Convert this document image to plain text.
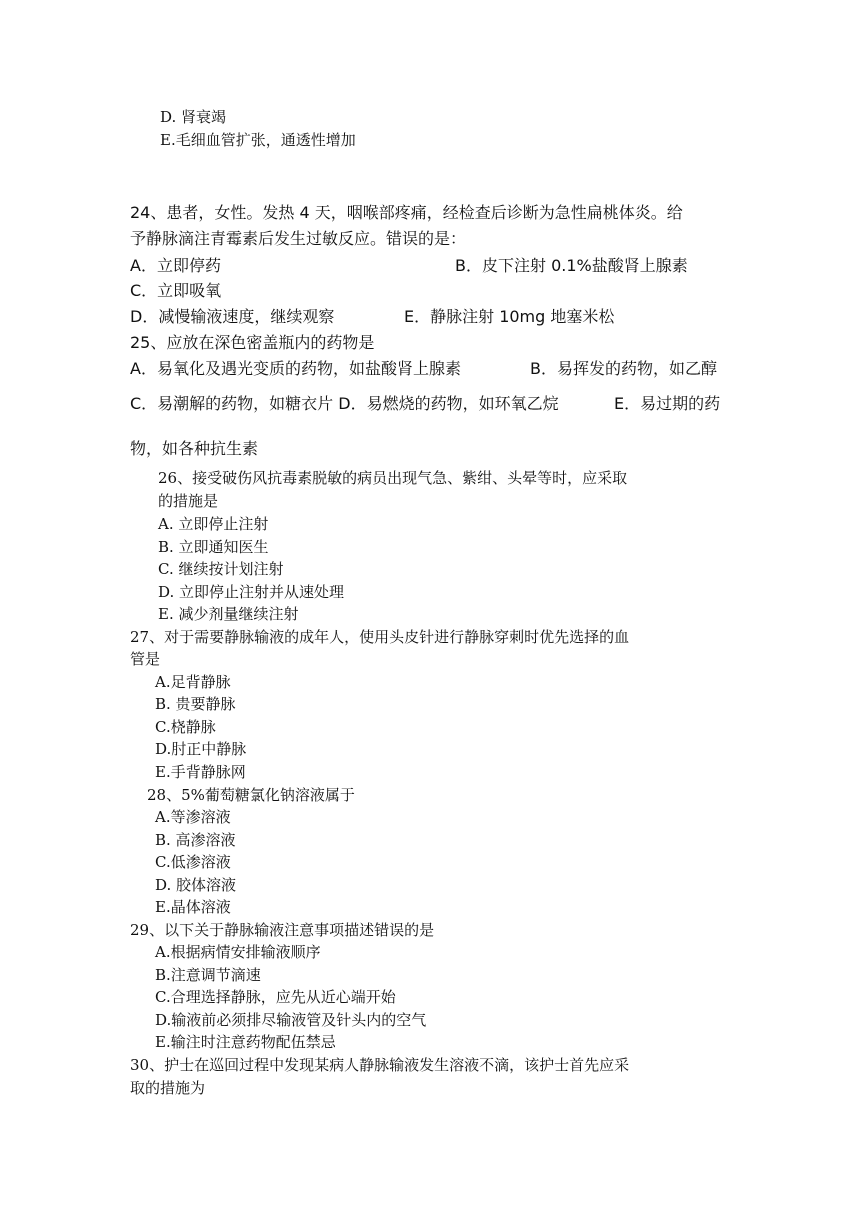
D. 肾衰竭
E.毛细血管扩张，通透性增加
24、患者，女性。发热 4 天，咽喉部疼痛，经检查后诊断为急性扁桃体炎。给
予静脉滴注青霉素后发生过敏反应。错误的是：
A．立即停药	B．皮下注射 0.1%盐酸肾上腺素
C．立即吸氧
D．减慢输液速度，继续观察	E．静脉注射 10mg 地塞米松
25、应放在深色密盖瓶内的药物是
A．易氧化及遇光变质的药物，如盐酸肾上腺素	B．易挥发的药物，如乙醇
C．易潮解的药物，如糖衣片 D．易燃烧的药物，如环氧乙烷	E．易过期的药
物，如各种抗生素
26、接受破伤风抗毒素脱敏的病员出现气急、紫绀、头晕等时，应采取
的措施是
A. 立即停止注射
B. 立即通知医生
C. 继续按计划注射
D. 立即停止注射并从速处理
E. 减少剂量继续注射
27、对于需要静脉输液的成年人，使用头皮针进行静脉穿刺时优先选择的血
管是
A.足背静脉
B. 贵要静脉
C.桡静脉
D.肘正中静脉
E.手背静脉网
28、5%葡萄糖氯化钠溶液属于
A.等渗溶液
B. 高渗溶液
C.低渗溶液
D. 胶体溶液
E.晶体溶液
29、以下关于静脉输液注意事项描述错误的是
A.根据病情安排输液顺序
B.注意调节滴速
C.合理选择静脉，应先从近心端开始
D.输液前必须排尽输液管及针头内的空气
E.输注时注意药物配伍禁忌
30、护士在巡回过程中发现某病人静脉输液发生溶液不滴，该护士首先应采
取的措施为
